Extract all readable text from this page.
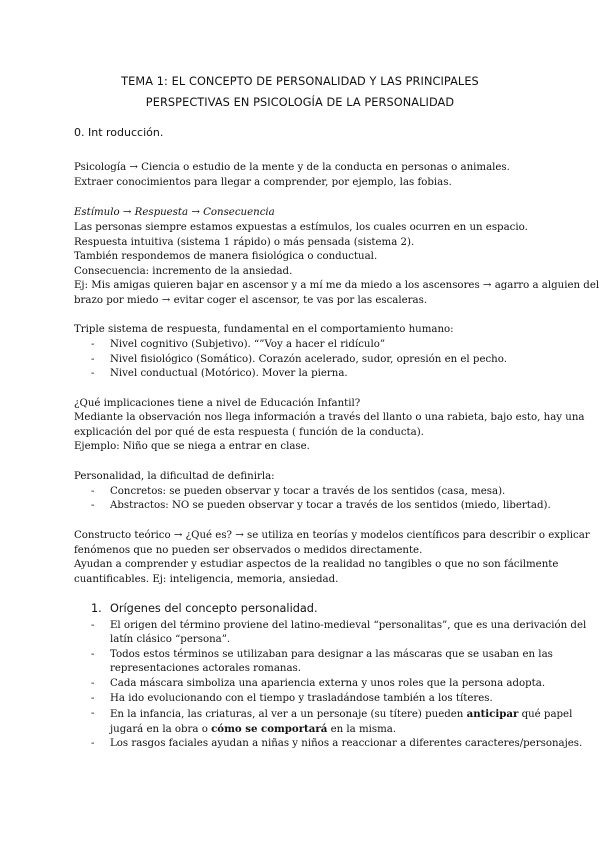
TEMA 1: EL CONCEPTO DE PERSONALIDAD Y LAS PRINCIPALES
PERSPECTIVAS EN PSICOLOGÍA DE LA PERSONALIDAD
0. Int roducción.
Psicología → Ciencia o estudio de la mente y de la conducta en personas o animales.
Extraer conocimientos para llegar a comprender, por ejemplo, las fobias.
Estímulo → Respuesta → Consecuencia
Las personas siempre estamos expuestas a estímulos, los cuales ocurren en un espacio.
Respuesta intuitiva (sistema 1 rápido) o más pensada (sistema 2).
También respondemos de manera fisiológica o conductual.
Consecuencia: incremento de la ansiedad.
Ej: Mis amigas quieren bajar en ascensor y a mí me da miedo a los ascensores → agarro a alguien del
brazo por miedo → evitar coger el ascensor, te vas por las escaleras.
Triple sistema de respuesta, fundamental en el comportamiento humano:
- Nivel cognitivo (Subjetivo). “”Voy a hacer el ridículo”
- Nivel fisiológico (Somático). Corazón acelerado, sudor, opresión en el pecho.
- Nivel conductual (Motórico). Mover la pierna.
¿Qué implicaciones tiene a nivel de Educación Infantil?
Mediante la observación nos llega información a través del llanto o una rabieta, bajo esto, hay una
explicación del por qué de esta respuesta ( función de la conducta).
Ejemplo: Niño que se niega a entrar en clase.
Personalidad, la dificultad de definirla:
- Concretos: se pueden observar y tocar a través de los sentidos (casa, mesa).
- Abstractos: NO se pueden observar y tocar a través de los sentidos (miedo, libertad).
Constructo teórico → ¿Qué es? → se utiliza en teorías y modelos científicos para describir o explicar
fenómenos que no pueden ser observados o medidos directamente.
Ayudan a comprender y estudiar aspectos de la realidad no tangibles o que no son fácilmente
cuantificables. Ej: inteligencia, memoria, ansiedad.
1. Orígenes del concepto personalidad.
- El origen del término proviene del latino-medieval “personalitas”, que es una derivación del
latín clásico “persona”.
- Todos estos términos se utilizaban para designar a las máscaras que se usaban en las
representaciones actorales romanas.
- Cada máscara simboliza una apariencia externa y unos roles que la persona adopta.
- Ha ido evolucionando con el tiempo y trasladándose también a los títeres.
- En la infancia, las criaturas, al ver a un personaje (su títere) pueden anticipar qué papel
jugará en la obra o cómo se comportará en la misma.
- Los rasgos faciales ayudan a niñas y niños a reaccionar a diferentes caracteres/personajes.
